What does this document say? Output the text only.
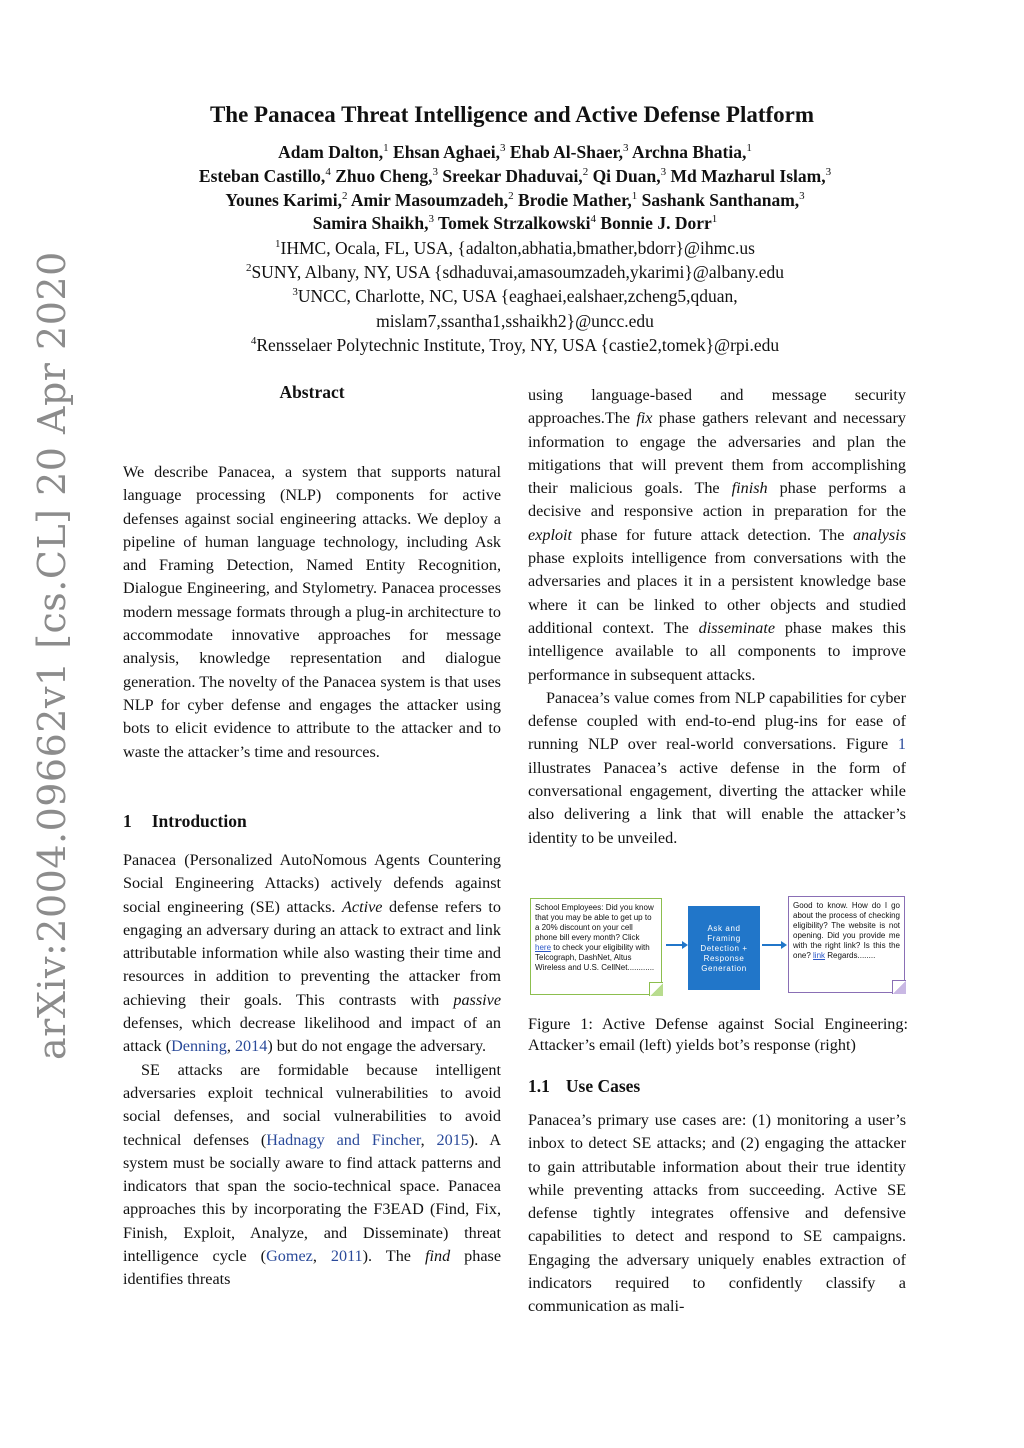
arXiv:2004.09662v1 [cs.CL] 20 Apr 2020
The Panacea Threat Intelligence and Active Defense Platform
Adam Dalton,$^1$ Ehsan Aghaei,$^3$ Ehab Al-Shaer,$^3$ Archna Bhatia,$^1$
Esteban Castillo,$^4$ Zhuo Cheng,$^3$ Sreekar Dhaduvai,$^2$ Qi Duan,$^3$ Md Mazharul Islam,$^3$
Younes Karimi,$^2$ Amir Masoumzadeh,$^2$ Brodie Mather,$^1$ Sashank Santhanam,$^3$
Samira Shaikh,$^3$ Tomek Strzalkowski$^4$ Bonnie J. Dorr$^1$
$^1$IHMC, Ocala, FL, USA, {adalton,abhatia,bmather,bdorr}@ihmc.us
$^2$SUNY, Albany, NY, USA {sdhaduvai,amasoumzadeh,ykarimi}@albany.edu
$^3$UNCC, Charlotte, NC, USA {eaghaei,ealshaer,zcheng5,qduan,
mislam7,ssantha1,sshaikh2}@uncc.edu
$^4$Rensselaer Polytechnic Institute, Troy, NY, USA {castie2,tomek}@rpi.edu
Abstract

We describe Panacea, a system that supports natural language processing (NLP) components for active defenses against social engineering attacks. We deploy a pipeline of human language technology, including Ask and Framing Detection, Named Entity Recognition, Dialogue Engineering, and Stylometry. Panacea processes modern message formats through a plug-in architecture to accommodate innovative approaches for message analysis, knowledge representation and dialogue generation. The novelty of the Panacea system is that uses NLP for cyber defense and engages the attacker using bots to elicit evidence to attribute to the attacker and to waste the attacker’s time and resources.

1 Introduction

Panacea (Personalized AutoNomous Agents Countering Social Engineering Attacks) actively defends against social engineering (SE) attacks. Active defense refers to engaging an adversary during an attack to extract and link attributable information while also wasting their time and resources in addition to preventing the attacker from achieving their goals. This contrasts with passive defenses, which decrease likelihood and impact of an attack (Denning, 2014) but do not engage the adversary.

SE attacks are formidable because intelligent adversaries exploit technical vulnerabilities to avoid social defenses, and social vulnerabilities to avoid technical defenses (Hadnagy and Fincher, 2015). A system must be socially aware to find attack patterns and indicators that span the socio-technical space. Panacea approaches this by incorporating the F3EAD (Find, Fix, Finish, Exploit, Analyze, and Disseminate) threat intelligence cycle (Gomez, 2011). The find phase identifies threats

using language-based and message security approaches.The fix phase gathers relevant and necessary information to engage the adversaries and plan the mitigations that will prevent them from accomplishing their malicious goals. The finish phase performs a decisive and responsive action in preparation for the exploit phase for future attack detection. The analysis phase exploits intelligence from conversations with the adversaries and places it in a persistent knowledge base where it can be linked to other objects and studied additional context. The disseminate phase makes this intelligence available to all components to improve performance in subsequent attacks.

Panacea’s value comes from NLP capabilities for cyber defense coupled with end-to-end plug-ins for ease of running NLP over real-world conversations. Figure 1 illustrates Panacea’s active defense in the form of conversational engagement, diverting the attacker while also delivering a link that will enable the attacker’s identity to be unveiled.

School Employees: Did you know that you may be able to get up to a 20% discount on your cell phone bill every month? Click here to check your eligibility with Telcograph, DashNet, Altus Wireless and U.S. CellNet............
Ask and
Framing
Detection +
Response
Generation
Good to know. How do I go about the process of checking eligibility? The website is not opening. Did you provide me with the right link? Is this the one? link Regards........

Figure 1: Active Defense against Social Engineering: Attacker’s email (left) yields bot’s response (right)

1.1 Use Cases

Panacea’s primary use cases are: (1) monitoring a user’s inbox to detect SE attacks; and (2) engaging the attacker to gain attributable information about their true identity while preventing attacks from succeeding. Active SE defense tightly integrates offensive and defensive capabilities to detect and respond to SE campaigns. Engaging the adversary uniquely enables extraction of indicators required to confidently classify a communication as mali-
